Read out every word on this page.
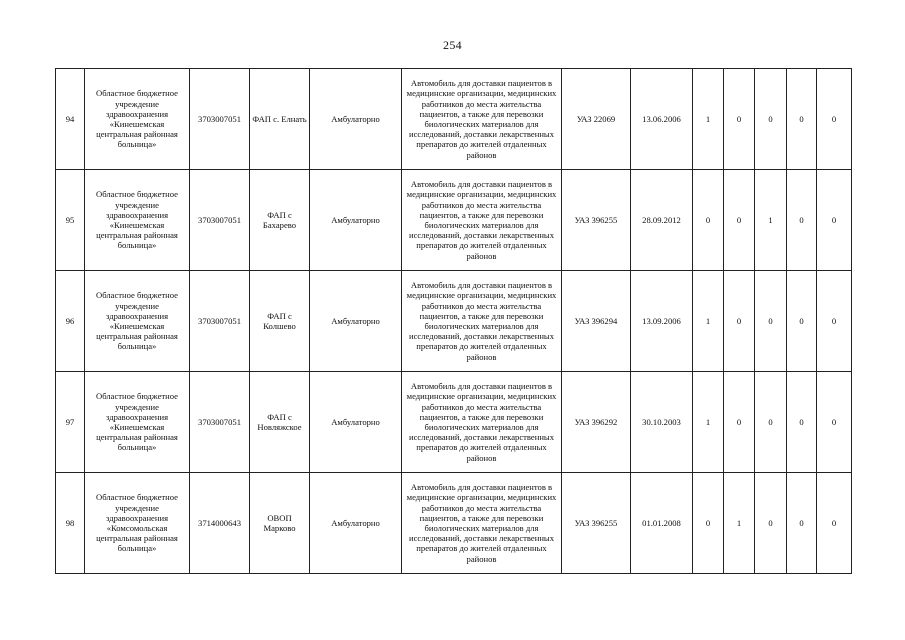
254
94	Областное бюджетное учреждение здравоохранения «Кинешемская центральная районная больница»	3703007051	ФАП с. Елнать	Амбулаторно	Автомобиль для доставки пациентов в медицинские организации, медицинских работников до места жительства пациентов, а также для перевозки биологических материалов для исследований, доставки лекарственных препаратов до жителей отдаленных районов	УАЗ 22069	13.06.2006	1	0	0	0	0
95	Областное бюджетное учреждение здравоохранения «Кинешемская центральная районная больница»	3703007051	ФАП с Бахарево	Амбулаторно	Автомобиль для доставки пациентов в медицинские организации, медицинских работников до места жительства пациентов, а также для перевозки биологических материалов для исследований, доставки лекарственных препаратов до жителей отдаленных районов	УАЗ 396255	28.09.2012	0	0	1	0	0
96	Областное бюджетное учреждение здравоохранения «Кинешемская центральная районная больница»	3703007051	ФАП с Колшево	Амбулаторно	Автомобиль для доставки пациентов в медицинские организации, медицинских работников до места жительства пациентов, а также для перевозки биологических материалов для исследований, доставки лекарственных препаратов до жителей отдаленных районов	УАЗ 396294	13.09.2006	1	0	0	0	0
97	Областное бюджетное учреждение здравоохранения «Кинешемская центральная районная больница»	3703007051	ФАП с Новляжское	Амбулаторно	Автомобиль для доставки пациентов в медицинские организации, медицинских работников до места жительства пациентов, а также для перевозки биологических материалов для исследований, доставки лекарственных препаратов до жителей отдаленных районов	УАЗ 396292	30.10.2003	1	0	0	0	0
98	Областное бюджетное учреждение здравоохранения «Комсомольская центральная районная больница»	3714000643	ОВОП Марково	Амбулаторно	Автомобиль для доставки пациентов в медицинские организации, медицинских работников до места жительства пациентов, а также для перевозки биологических материалов для исследований, доставки лекарственных препаратов до жителей отдаленных районов	УАЗ 396255	01.01.2008	0	1	0	0	0
